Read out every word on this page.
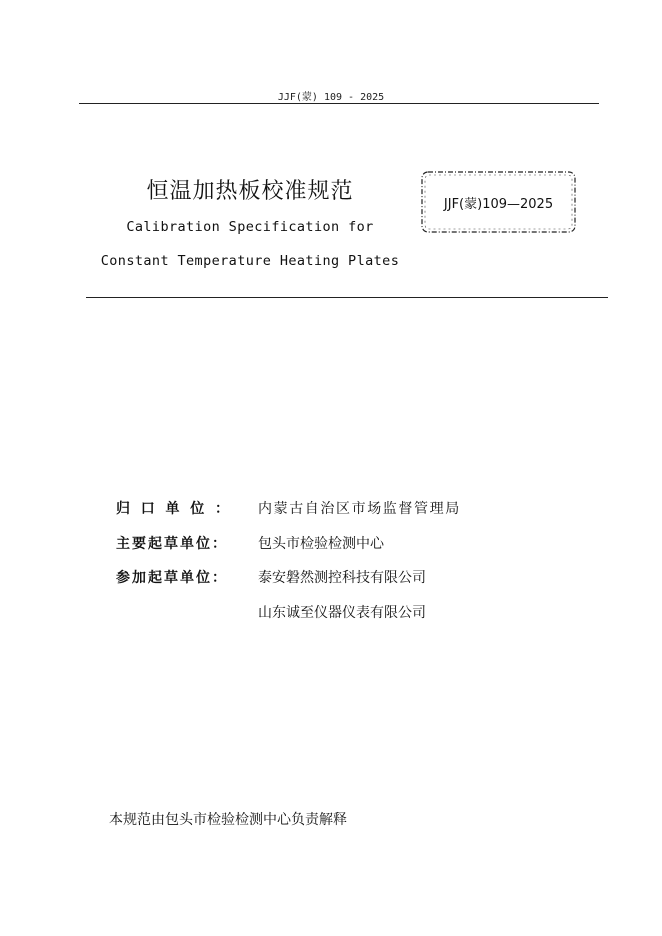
JJF(蒙) 109 - 2025
恒温加热板校准规范
Calibration Specification for
Constant Temperature Heating Plates
JJF(蒙)109—2025
归 口 单 位 ： 内蒙古自治区市场监督管理局
主 要 起 草 单 位 ： 包头市检验检测中心
参 加 起 草 单 位 ： 泰安磐然测控科技有限公司
山东诚至仪器仪表有限公司
本规范由包头市检验检测中心负责解释
